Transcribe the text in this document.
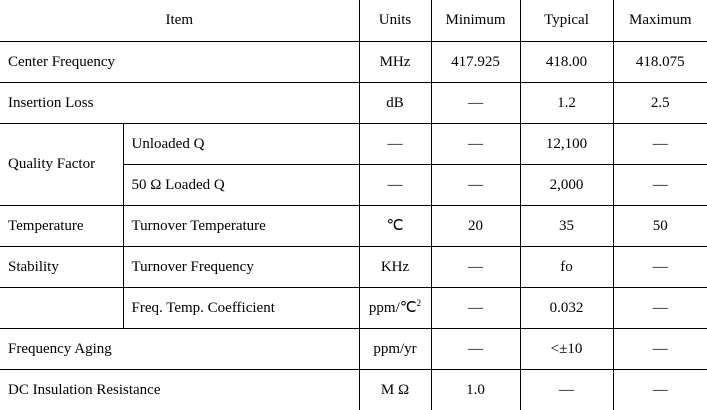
Item		Units	Minimum	Typical	Maximum
Center Frequency		MHz	417.925	418.00	418.075
Insertion Loss		dB	—	1.2	2.5
Quality Factor	Unloaded Q	—	—	12,100	—
	50 Ω Loaded Q	—	—	2,000	—
Temperature	Turnover Temperature	℃	20	35	50
Stability	Turnover Frequency	KHz	—	fo	—
	Freq. Temp. Coefficient	ppm/℃$^2$	—	0.032	—
Frequency Aging		ppm/yr	—	<±10	—
DC Insulation Resistance		M Ω	1.0	—	—
